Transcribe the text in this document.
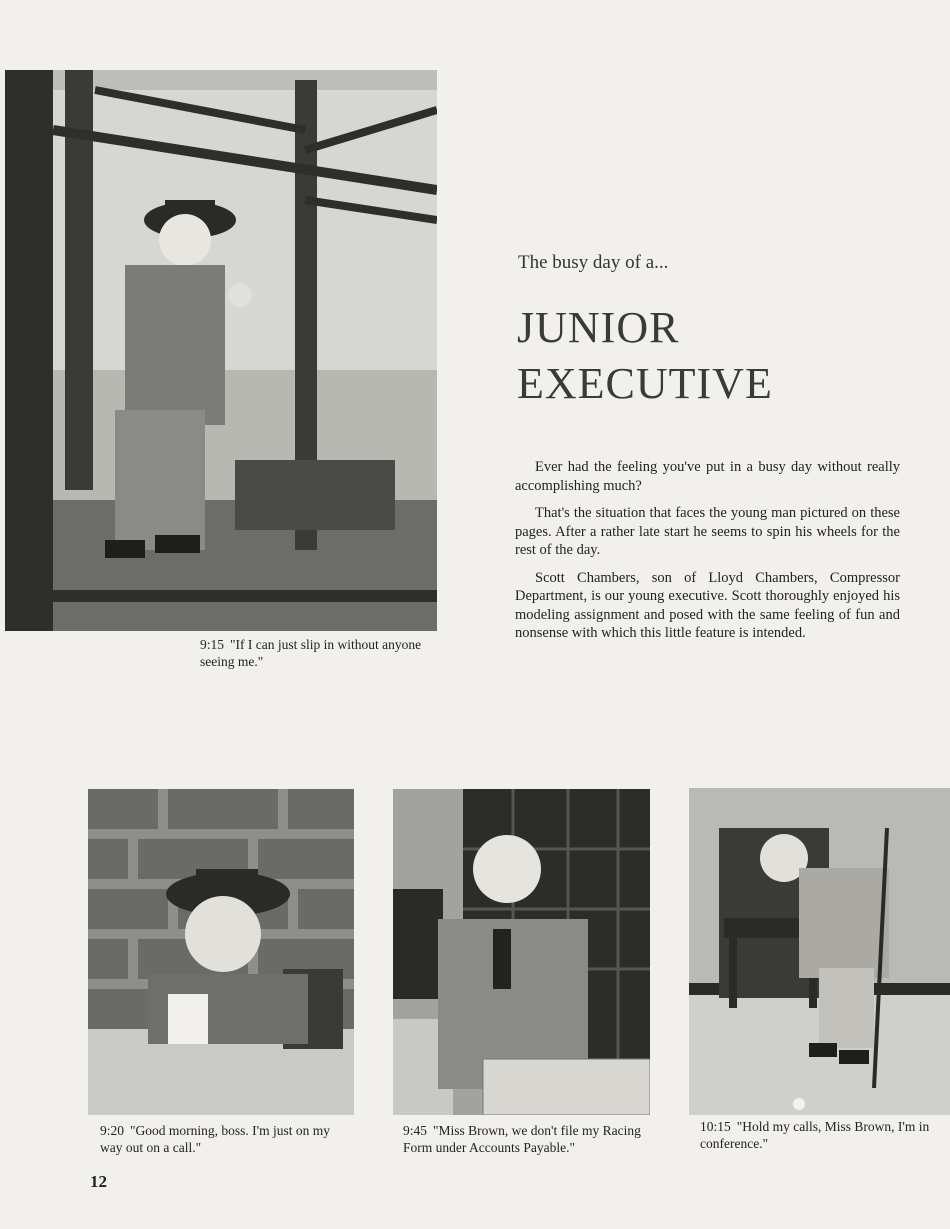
9:15 "If I can just slip in without anyone seeing me."
The busy day of a...
JUNIOR
EXECUTIVE

Ever had the feeling you've put in a busy day without really accomplishing much?

That's the situation that faces the young man pictured on these pages. After a rather late start he seems to spin his wheels for the rest of the day.

Scott Chambers, son of Lloyd Chambers, Compressor Department, is our young executive. Scott thoroughly enjoyed his modeling assignment and posed with the same feeling of fun and nonsense with which this little feature is intended.

9:20 "Good morning, boss. I'm just on my way out on a call."
9:45 "Miss Brown, we don't file my Racing Form under Accounts Payable."
10:15 "Hold my calls, Miss Brown, I'm in conference."
12
